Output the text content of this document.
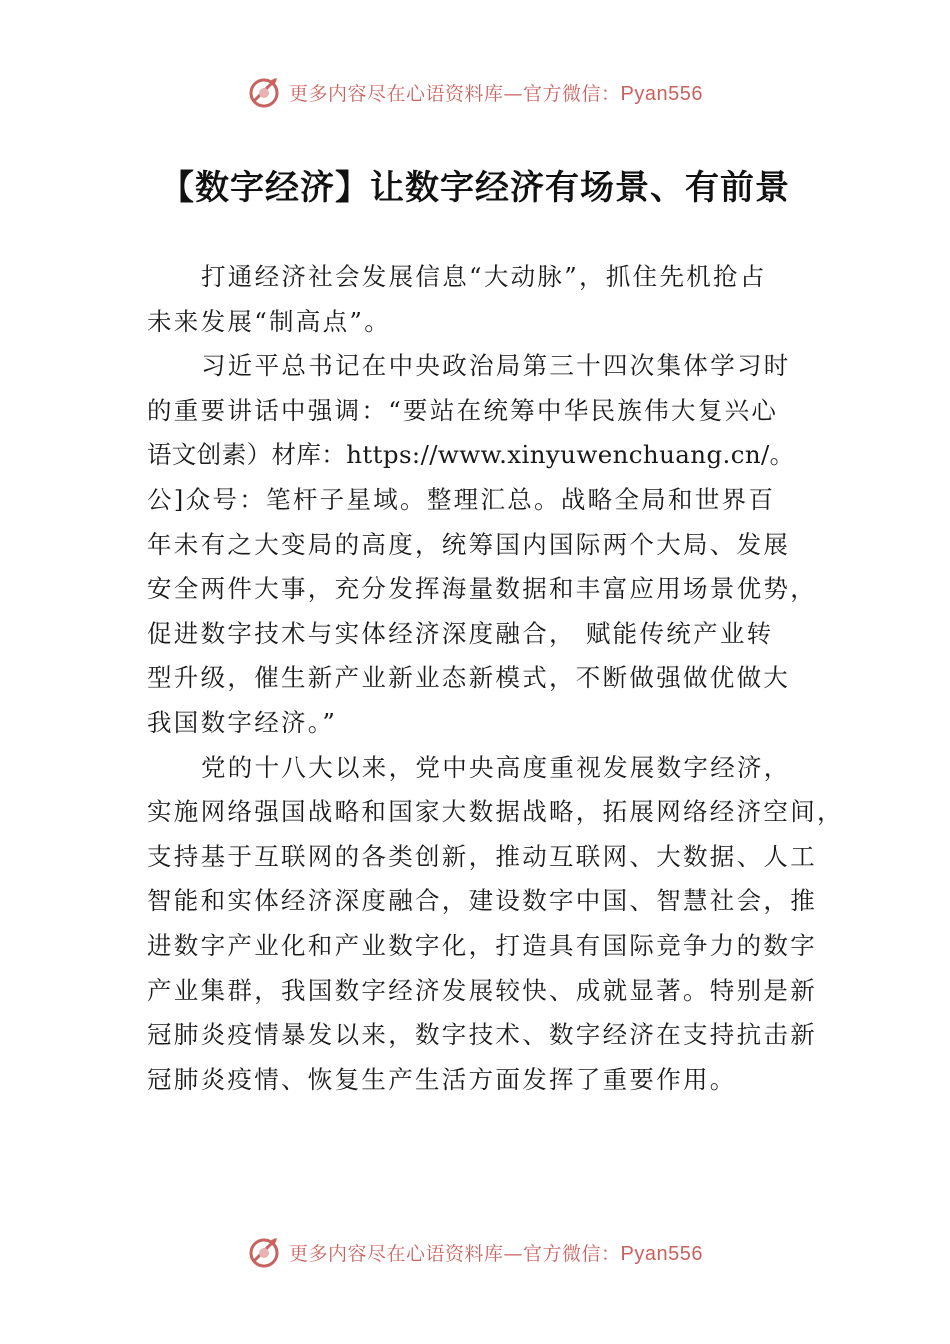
更多内容尽在心语资料库—官方微信：Pyan556
【数字经济】让数字经济有场景、有前景
打通经济社会发展信息“大动脉”，抓住先机抢占
未来发展“制高点”。
习近平总书记在中央政治局第三十四次集体学习时
的重要讲话中强调：“要站在统筹中华民族伟大复兴心
语文创素）材库：https://www.xinyuwenchuang.cn/。
公]众号：笔杆子星域。整理汇总。战略全局和世界百
年未有之大变局的高度，统筹国内国际两个大局、发展
安全两件大事，充分发挥海量数据和丰富应用场景优势，
促进数字技术与实体经济深度融合， 赋能传统产业转
型升级，催生新产业新业态新模式，不断做强做优做大
我国数字经济。”
党的十八大以来，党中央高度重视发展数字经济，
实施网络强国战略和国家大数据战略，拓展网络经济空间，
支持基于互联网的各类创新，推动互联网、大数据、人工
智能和实体经济深度融合，建设数字中国、智慧社会，推
进数字产业化和产业数字化，打造具有国际竞争力的数字
产业集群，我国数字经济发展较快、成就显著。特别是新
冠肺炎疫情暴发以来，数字技术、数字经济在支持抗击新
冠肺炎疫情、恢复生产生活方面发挥了重要作用。
更多内容尽在心语资料库—官方微信：Pyan556
